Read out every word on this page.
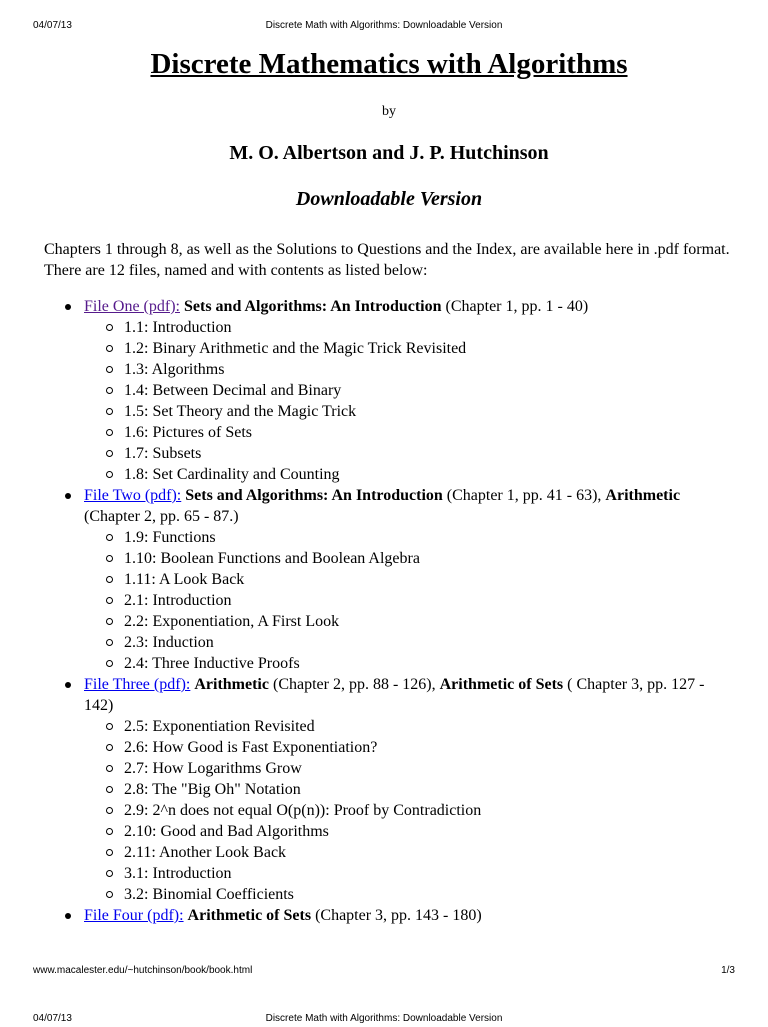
04/07/13	Discrete Math with Algorithms: Downloadable Version
Discrete Mathematics with Algorithms
by
M. O. Albertson and J. P. Hutchinson
Downloadable Version
Chapters 1 through 8, as well as the Solutions to Questions and the Index, are available here in .pdf format. There are 12 files, named and with contents as listed below:
File One (pdf): Sets and Algorithms: An Introduction (Chapter 1, pp. 1 - 40)
1.1: Introduction
1.2: Binary Arithmetic and the Magic Trick Revisited
1.3: Algorithms
1.4: Between Decimal and Binary
1.5: Set Theory and the Magic Trick
1.6: Pictures of Sets
1.7: Subsets
1.8: Set Cardinality and Counting
File Two (pdf): Sets and Algorithms: An Introduction (Chapter 1, pp. 41 - 63), Arithmetic (Chapter 2, pp. 65 - 87.)
1.9: Functions
1.10: Boolean Functions and Boolean Algebra
1.11: A Look Back
2.1: Introduction
2.2: Exponentiation, A First Look
2.3: Induction
2.4: Three Inductive Proofs
File Three (pdf): Arithmetic (Chapter 2, pp. 88 - 126), Arithmetic of Sets ( Chapter 3, pp. 127 - 142)
2.5: Exponentiation Revisited
2.6: How Good is Fast Exponentiation?
2.7: How Logarithms Grow
2.8: The "Big Oh" Notation
2.9: 2^n does not equal O(p(n)): Proof by Contradiction
2.10: Good and Bad Algorithms
2.11: Another Look Back
3.1: Introduction
3.2: Binomial Coefficients
File Four (pdf): Arithmetic of Sets (Chapter 3, pp. 143 - 180)
www.macalester.edu/~hutchinson/book/book.html	1/3
04/07/13	Discrete Math with Algorithms: Downloadable Version
